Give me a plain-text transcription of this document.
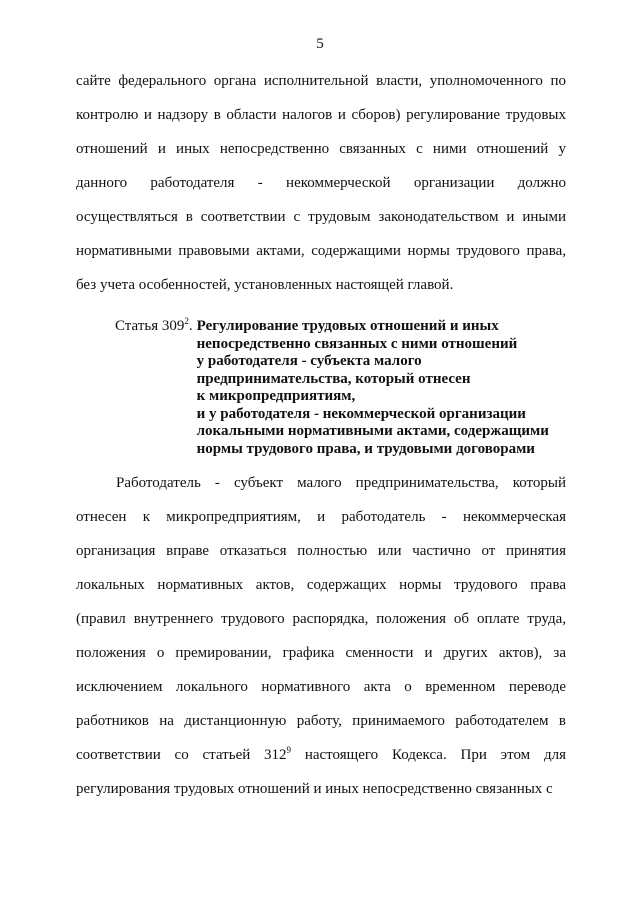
5

сайте федерального органа исполнительной власти, уполномоченного по контролю и надзору в области налогов и сборов) регулирование трудовых отношений и иных непосредственно связанных с ними отношений у данного работодателя - некоммерческой организации должно осуществляться в соответствии с трудовым законодательством и иными нормативными правовыми актами, содержащими нормы трудового права, без учета особенностей, установленных настоящей главой.

Статья $309^2$. Регулирование трудовых отношений и иных
непосредственно связанных с ними отношений
у работодателя - субъекта малого
предпринимательства, который отнесен
к микропредприятиям,
и у работодателя - некоммерческой организации
локальными нормативными актами, содержащими
нормы трудового права, и трудовыми договорами

Работодатель - субъект малого предпринимательства, который отнесен к микропредприятиям, и работодатель - некоммерческая организация вправе отказаться полностью или частично от принятия локальных нормативных актов, содержащих нормы трудового права (правил внутреннего трудового распорядка, положения об оплате труда, положения о премировании, графика сменности и других актов), за исключением локального нормативного акта о временном переводе работников на дистанционную работу, принимаемого работодателем в соответствии со статьей $312^9$ настоящего Кодекса. При этом для регулирования трудовых отношений и иных непосредственно связанных с
